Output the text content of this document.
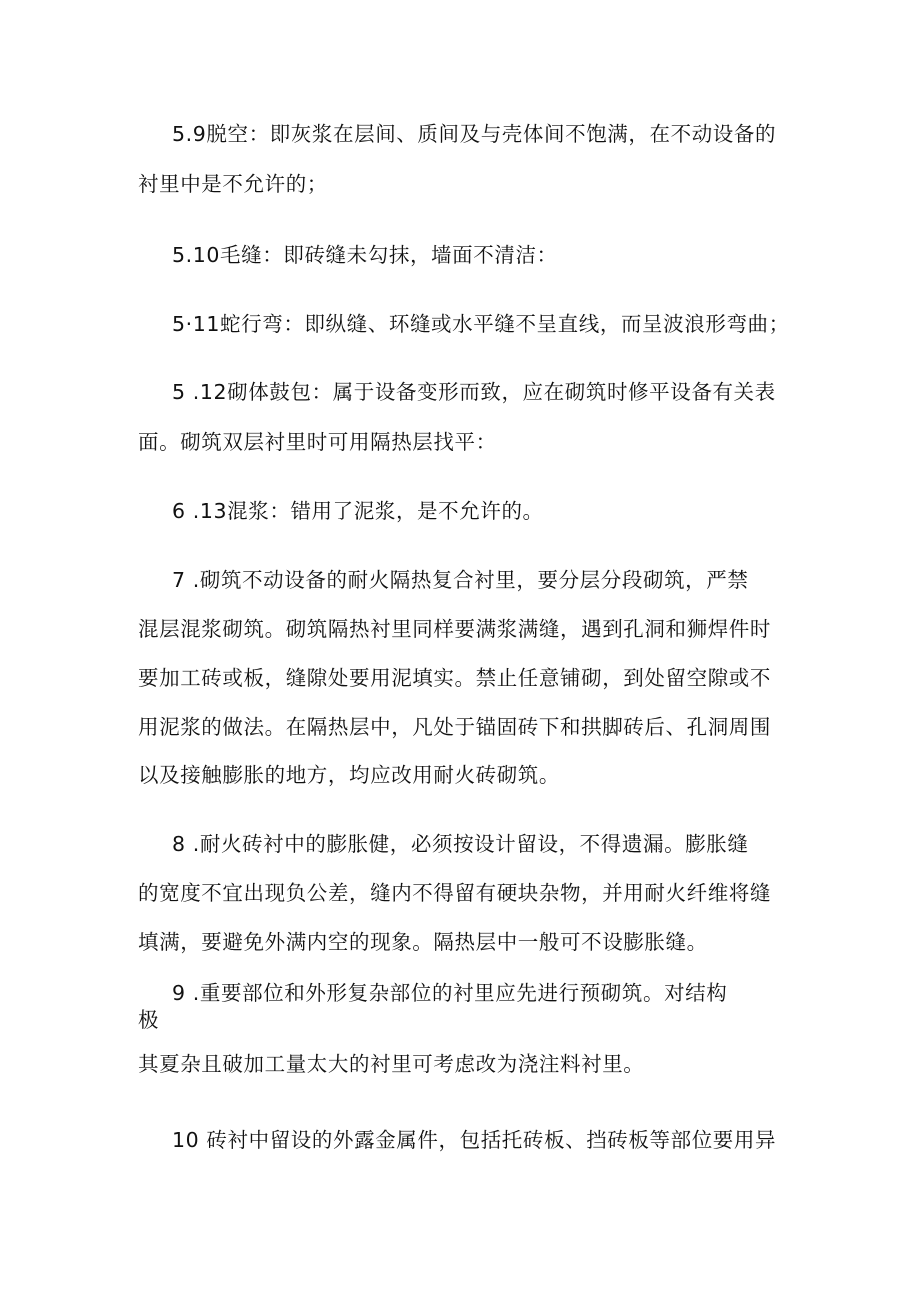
5.9脱空：即灰浆在层间、质间及与壳体间不饱满，在不动设备的
衬里中是不允许的；
5.10毛缝：即砖缝未勾抹，墙面不清洁：
5·11蛇行弯：即纵缝、环缝或水平缝不呈直线，而呈波浪形弯曲；
5 .12砌体鼓包：属于设备变形而致，应在砌筑时修平设备有关表
面。砌筑双层衬里时可用隔热层找平：
6 .13混浆：错用了泥浆，是不允许的。
7 .砌筑不动设备的耐火隔热复合衬里，要分层分段砌筑，严禁
混层混浆砌筑。砌筑隔热衬里同样要满浆满缝，遇到孔洞和狮焊件时
要加工砖或板，缝隙处要用泥填实。禁止任意铺砌，到处留空隙或不
用泥浆的做法。在隔热层中，凡处于锚固砖下和拱脚砖后、孔洞周围
以及接触膨胀的地方，均应改用耐火砖砌筑。
8 .耐火砖衬中的膨胀健，必须按设计留设，不得遗漏。膨胀缝
的宽度不宜出现负公差，缝内不得留有硬块杂物，并用耐火纤维将缝
填满，要避免外满内空的现象。隔热层中一般可不设膨胀缝。
9 .重要部位和外形复杂部位的衬里应先进行预砌筑。对结构
极
其夏杂且破加工量太大的衬里可考虑改为浇注料衬里。
10 砖衬中留设的外露金属件，包括托砖板、挡砖板等部位要用异
